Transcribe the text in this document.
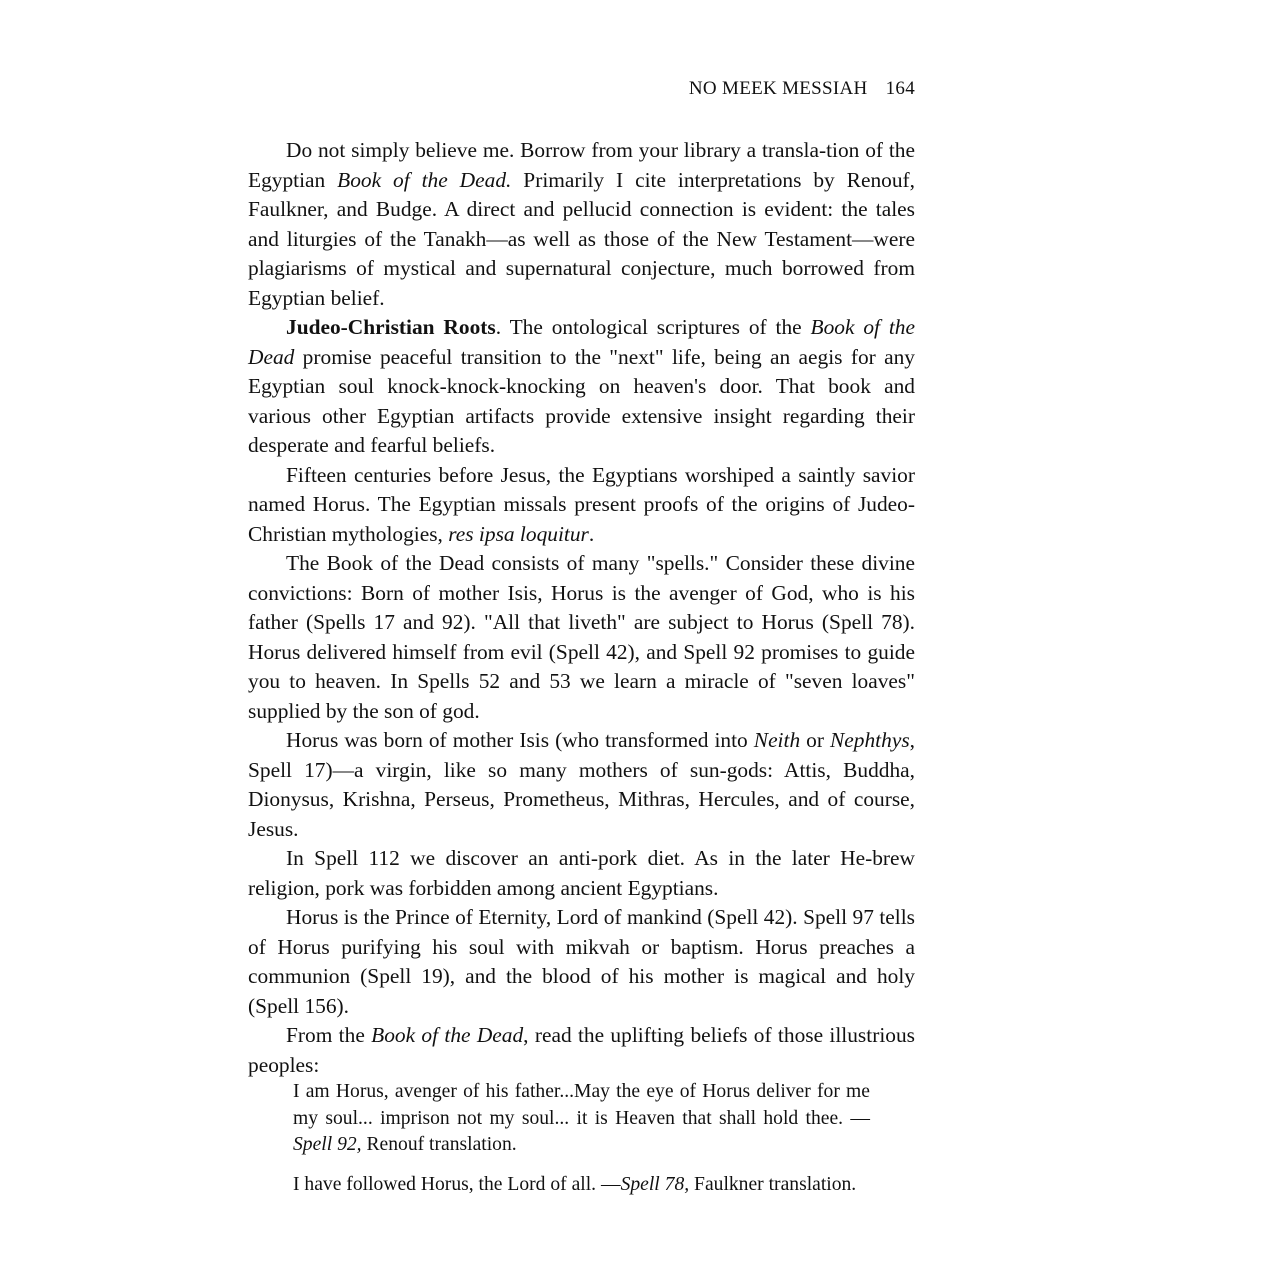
NO MEEK MESSIAH 164

Do not simply believe me. Borrow from your library a transla-tion of the Egyptian Book of the Dead. Primarily I cite interpretations by Renouf, Faulkner, and Budge. A direct and pellucid connection is evident: the tales and liturgies of the Tanakh—as well as those of the New Testament—were plagiarisms of mystical and supernatural conjecture, much borrowed from Egyptian belief.

Judeo-Christian Roots. The ontological scriptures of the Book of the Dead promise peaceful transition to the "next" life, being an aegis for any Egyptian soul knock-knock-knocking on heaven's door. That book and various other Egyptian artifacts provide extensive insight regarding their desperate and fearful beliefs.

Fifteen centuries before Jesus, the Egyptians worshiped a saintly savior named Horus. The Egyptian missals present proofs of the origins of Judeo-Christian mythologies, res ipsa loquitur.

The Book of the Dead consists of many "spells." Consider these divine convictions: Born of mother Isis, Horus is the avenger of God, who is his father (Spells 17 and 92). "All that liveth" are subject to Horus (Spell 78). Horus delivered himself from evil (Spell 42), and Spell 92 promises to guide you to heaven. In Spells 52 and 53 we learn a miracle of "seven loaves" supplied by the son of god.

Horus was born of mother Isis (who transformed into Neith or Nephthys, Spell 17)—a virgin, like so many mothers of sun-gods: Attis, Buddha, Dionysus, Krishna, Perseus, Prometheus, Mithras, Hercules, and of course, Jesus.

In Spell 112 we discover an anti-pork diet. As in the later He-brew religion, pork was forbidden among ancient Egyptians.

Horus is the Prince of Eternity, Lord of mankind (Spell 42). Spell 97 tells of Horus purifying his soul with mikvah or baptism. Horus preaches a communion (Spell 19), and the blood of his mother is magical and holy (Spell 156).

From the Book of the Dead, read the uplifting beliefs of those illustrious peoples:

I am Horus, avenger of his father...May the eye of Horus deliver for me my soul... imprison not my soul... it is Heaven that shall hold thee. —Spell 92, Renouf translation.

I have followed Horus, the Lord of all. —Spell 78, Faulkner translation.
